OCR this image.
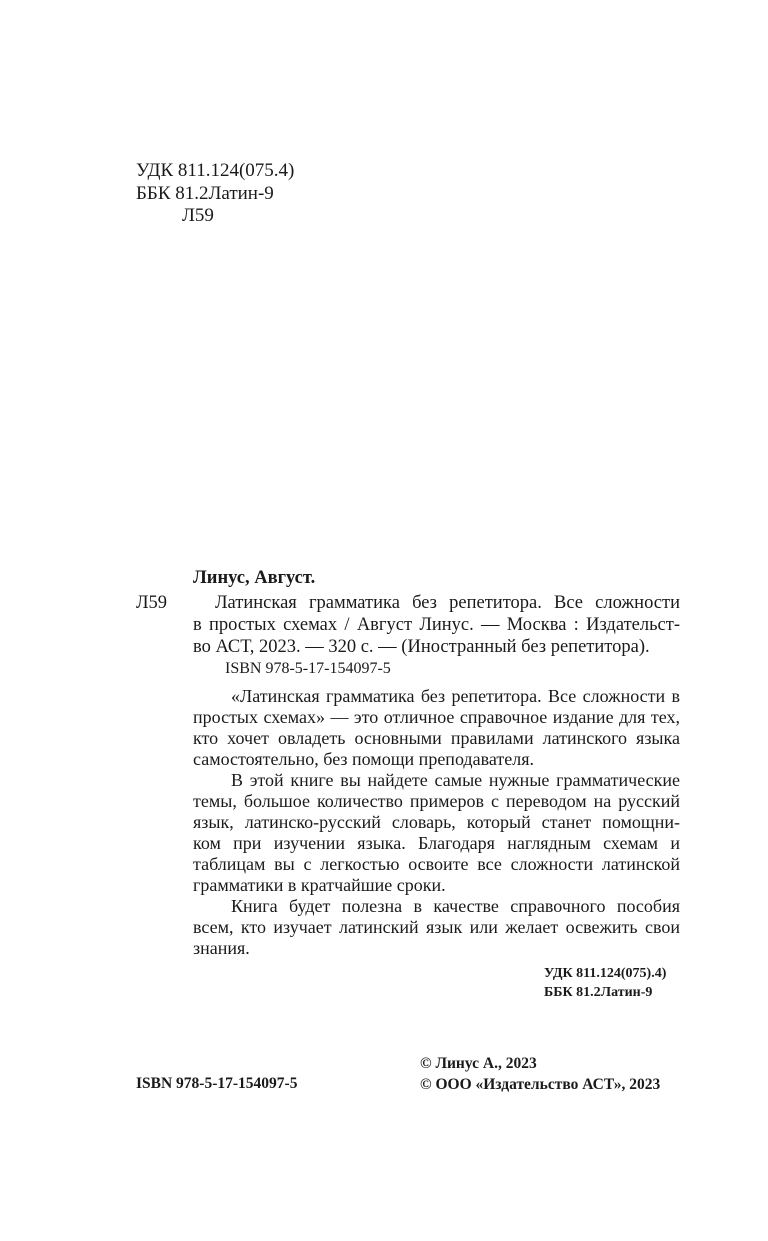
УДК 811.124(075.4)
ББК 81.2Латин-9
Л59
Линус, Август.
Л59	Латинская грамматика без репетитора. Все сложности
в простых схемах / Август Линус. — Москва : Издательст-
во АСТ, 2023. — 320 с. — (Иностранный без репетитора).
ISBN 978-5-17-154097-5
«Латинская грамматика без репетитора. Все сложности в
простых схемах» — это отличное справочное издание для тех,
кто хочет овладеть основными правилами латинского языка
самостоятельно, без помощи преподавателя.
В этой книге вы найдете самые нужные грамматические
темы, большое количество примеров с переводом на русский
язык, латинско-русский словарь, который станет помощни-
ком при изучении языка. Благодаря наглядным схемам и
таблицам вы с легкостью освоите все сложности латинской
грамматики в кратчайшие сроки.
Книга будет полезна в качестве справочного пособия
всем, кто изучает латинский язык или желает освежить свои
знания.
УДК 811.124(075).4)
ББК 81.2Латин-9
ISBN 978-5-17-154097-5
© Линус А., 2023
© ООО «Издательство АСТ», 2023
